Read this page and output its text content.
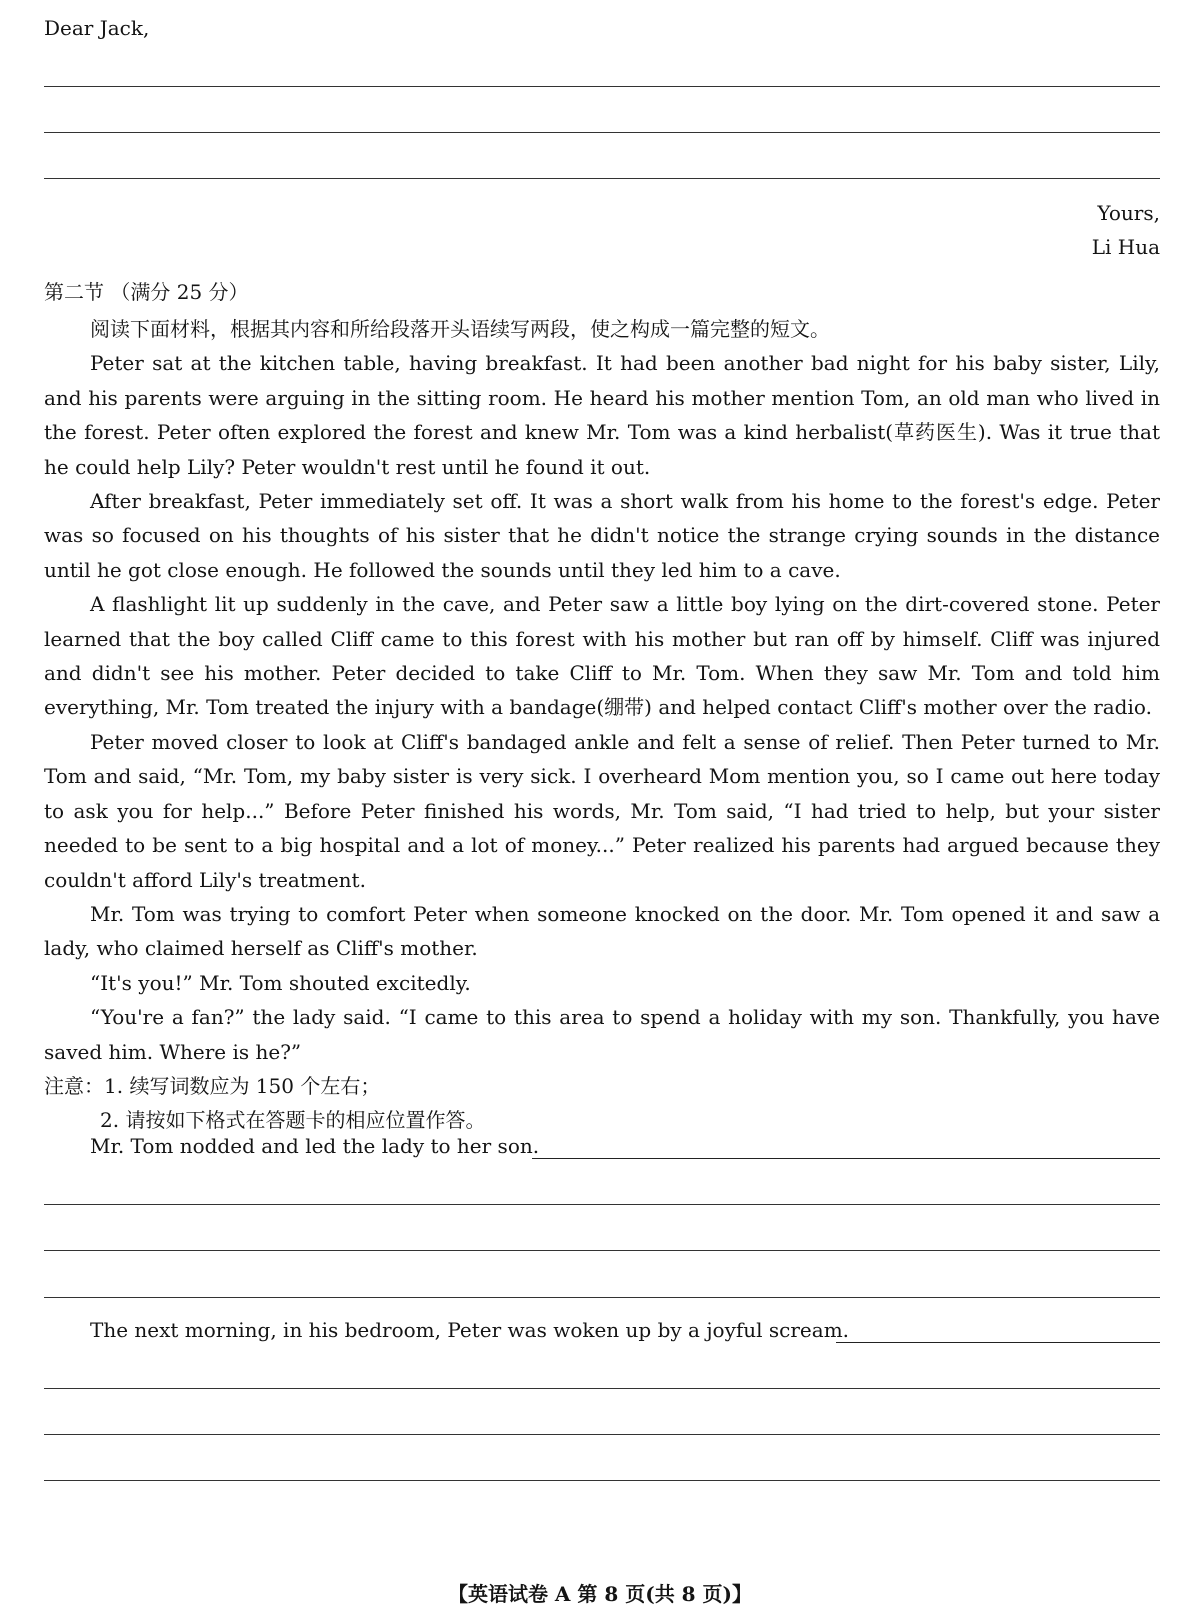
Dear Jack,
Yours,
Li Hua
第二节 （满分 25 分）

阅读下面材料，根据其内容和所给段落开头语续写两段，使之构成一篇完整的短文。

Peter sat at the kitchen table, having breakfast. It had been another bad night for his baby sister, Lily, and his parents were arguing in the sitting room. He heard his mother mention Tom, an old man who lived in the forest. Peter often explored the forest and knew Mr. Tom was a kind herbalist(草药医生). Was it true that he could help Lily? Peter wouldn't rest until he found it out.

After breakfast, Peter immediately set off. It was a short walk from his home to the forest's edge. Peter was so focused on his thoughts of his sister that he didn't notice the strange crying sounds in the distance until he got close enough. He followed the sounds until they led him to a cave.

A flashlight lit up suddenly in the cave, and Peter saw a little boy lying on the dirt-covered stone. Peter learned that the boy called Cliff came to this forest with his mother but ran off by himself. Cliff was injured and didn't see his mother. Peter decided to take Cliff to Mr. Tom. When they saw Mr. Tom and told him everything, Mr. Tom treated the injury with a bandage(绷带) and helped contact Cliff's mother over the radio.

Peter moved closer to look at Cliff's bandaged ankle and felt a sense of relief. Then Peter turned to Mr. Tom and said, “Mr. Tom, my baby sister is very sick. I overheard Mom mention you, so I came out here today to ask you for help...” Before Peter finished his words, Mr. Tom said, “I had tried to help, but your sister needed to be sent to a big hospital and a lot of money...” Peter realized his parents had argued because they couldn't afford Lily's treatment.

Mr. Tom was trying to comfort Peter when someone knocked on the door. Mr. Tom opened it and saw a lady, who claimed herself as Cliff's mother.

“It's you!” Mr. Tom shouted excitedly.

“You're a fan?” the lady said. “I came to this area to spend a holiday with my son. Thankfully, you have saved him. Where is he?”

注意：1. 续写词数应为 150 个左右；

2. 请按如下格式在答题卡的相应位置作答。

Mr. Tom nodded and led the lady to her son.
The next morning, in his bedroom, Peter was woken up by a joyful scream.
【英语试卷 A 第 8 页(共 8 页)】
